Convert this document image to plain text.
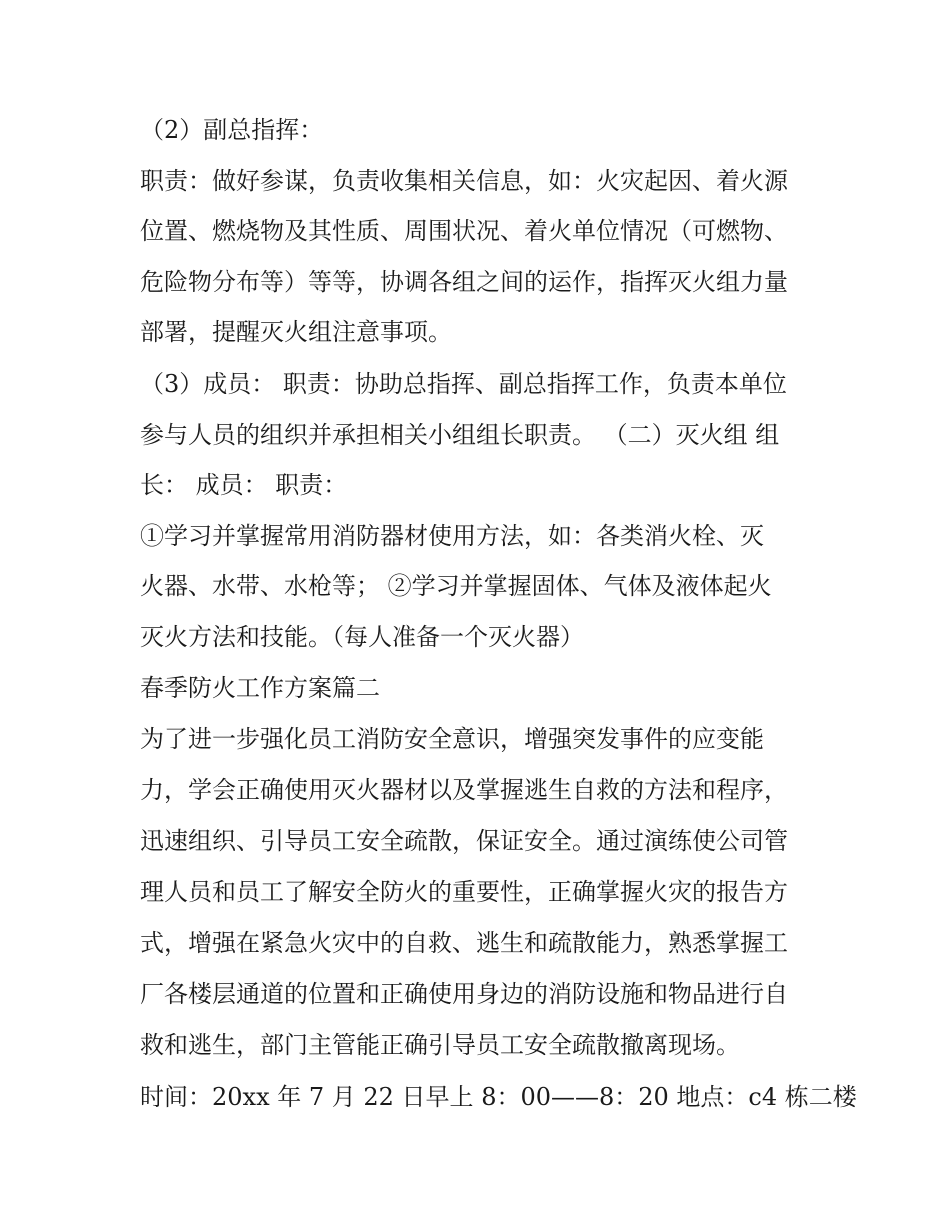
（2）副总指挥：
职责：做好参谋，负责收集相关信息，如：火灾起因、着火源
位置、燃烧物及其性质、周围状况、着火单位情况（可燃物、
危险物分布等）等等，协调各组之间的运作，指挥灭火组力量
部署，提醒灭火组注意事项。
（3）成员： 职责：协助总指挥、副总指挥工作，负责本单位
参与人员的组织并承担相关小组组长职责。 （二）灭火组 组
长： 成员： 职责：
①学习并掌握常用消防器材使用方法，如：各类消火栓、灭
火器、水带、水枪等； ②学习并掌握固体、气体及液体起火
灭火方法和技能。（每人准备一个灭火器）
春季防火工作方案篇二
为了进一步强化员工消防安全意识，增强突发事件的应变能
力，学会正确使用灭火器材以及掌握逃生自救的方法和程序，
迅速组织、引导员工安全疏散，保证安全。通过演练使公司管
理人员和员工了解安全防火的重要性，正确掌握火灾的报告方
式，增强在紧急火灾中的自救、逃生和疏散能力，熟悉掌握工
厂各楼层通道的位置和正确使用身边的消防设施和物品进行自
救和逃生，部门主管能正确引导员工安全疏散撤离现场。
时间：20xx 年 7 月 22 日早上 8：00——8：20 地点：c4 栋二楼
